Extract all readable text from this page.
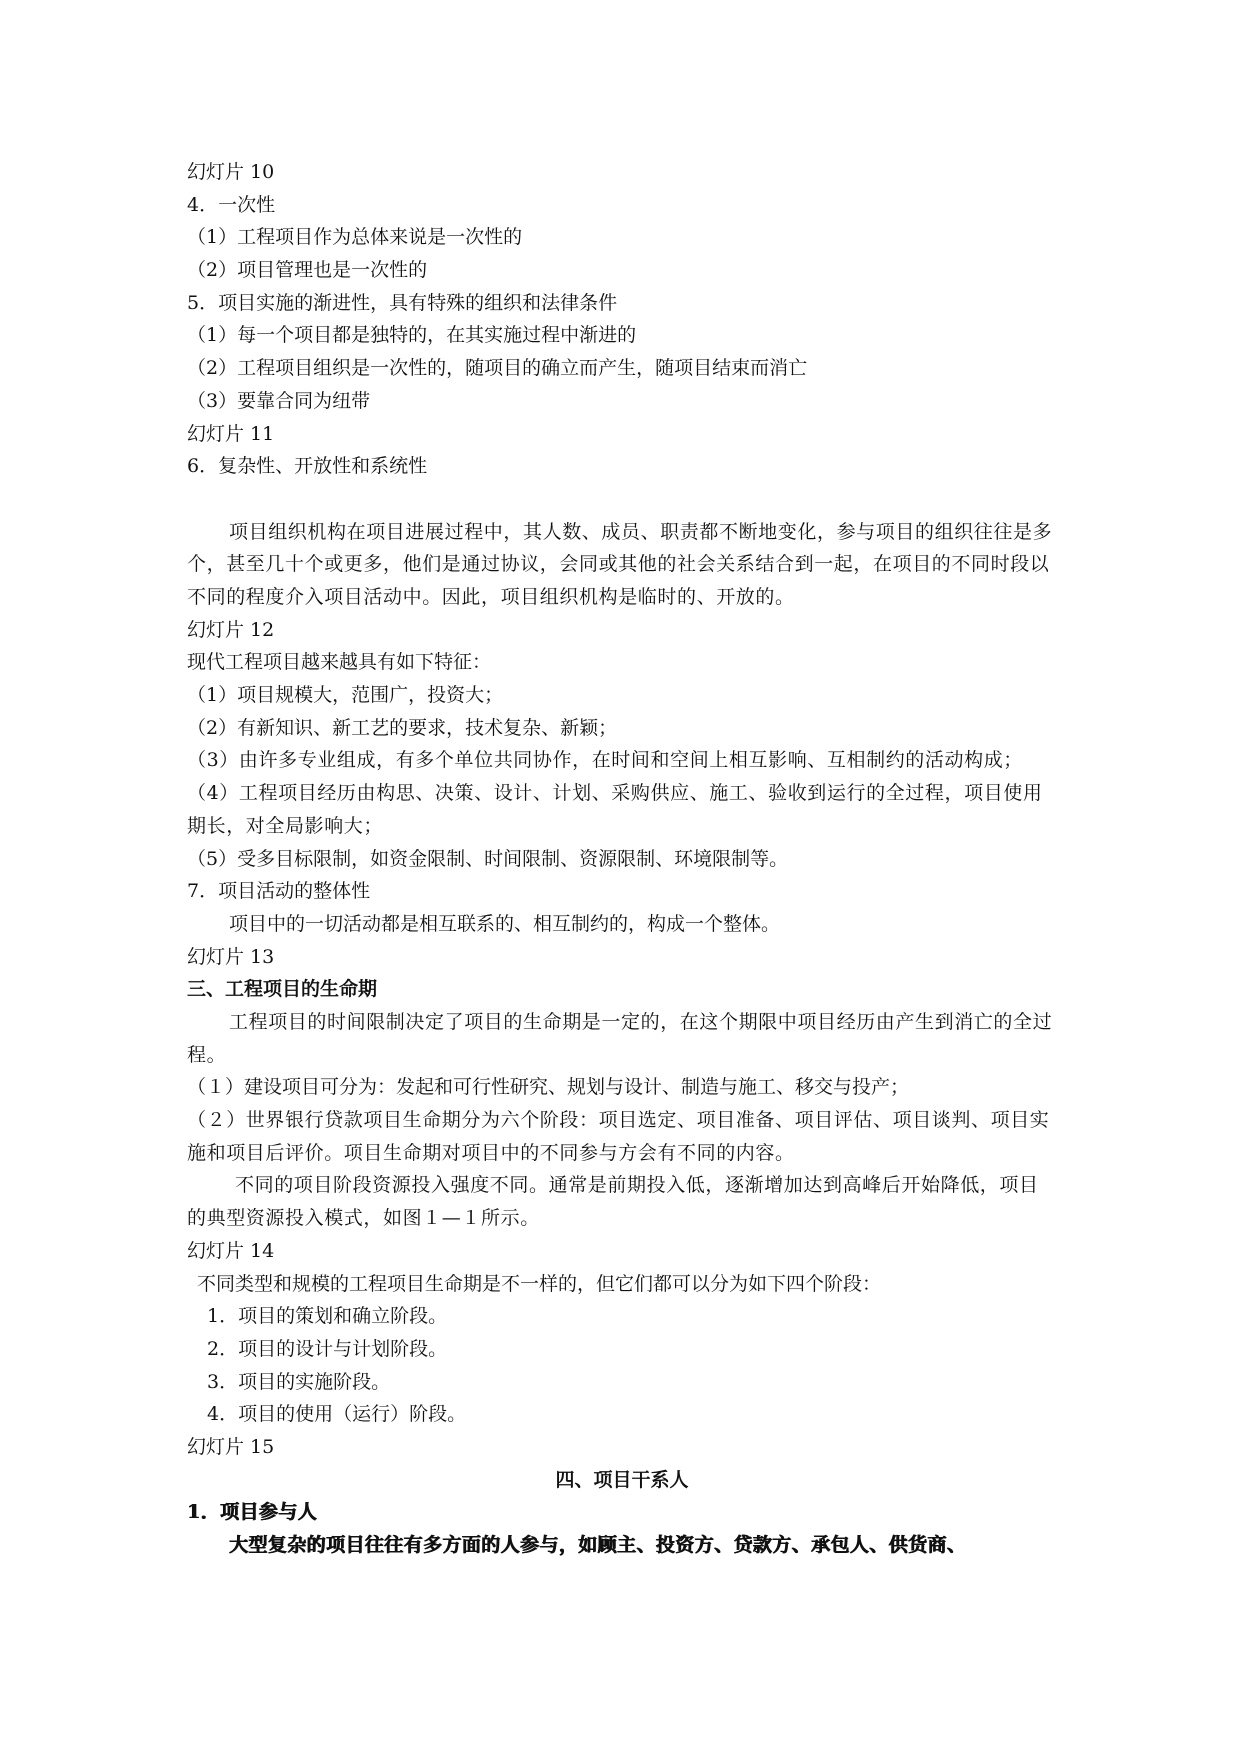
幻灯片 10
4．一次性
（1）工程项目作为总体来说是一次性的
（2）项目管理也是一次性的
5．项目实施的渐进性，具有特殊的组织和法律条件
（1）每一个项目都是独特的，在其实施过程中渐进的
（2）工程项目组织是一次性的，随项目的确立而产生，随项目结束而消亡
（3）要靠合同为纽带
幻灯片 11
6．复杂性、开放性和系统性
项目组织机构在项目进展过程中，其人数、成员、职责都不断地变化，参与项目的组织往往是多个，甚至几十个或更多，他们是通过协议，会同或其他的社会关系结合到一起，在项目的不同时段以不同的程度介入项目活动中。因此，项目组织机构是临时的、开放的。
幻灯片 12
现代工程项目越来越具有如下特征：
（1）项目规模大，范围广，投资大；
（2）有新知识、新工艺的要求，技术复杂、新颖；
（3）由许多专业组成，有多个单位共同协作，在时间和空间上相互影响、互相制约的活动构成；
（4）工程项目经历由构思、决策、设计、计划、采购供应、施工、验收到运行的全过程，项目使用期长，对全局影响大；
（5）受多目标限制，如资金限制、时间限制、资源限制、环境限制等。
7．项目活动的整体性
项目中的一切活动都是相互联系的、相互制约的，构成一个整体。
幻灯片 13
三、工程项目的生命期
工程项目的时间限制决定了项目的生命期是一定的，在这个期限中项目经历由产生到消亡的全过程。
（１）建设项目可分为：发起和可行性研究、规划与设计、制造与施工、移交与投产；
（２）世界银行贷款项目生命期分为六个阶段：项目选定、项目准备、项目评估、项目谈判、项目实施和项目后评价。项目生命期对项目中的不同参与方会有不同的内容。
不同的项目阶段资源投入强度不同。通常是前期投入低，逐渐增加达到高峰后开始降低，项目的典型资源投入模式，如图１—１所示。
幻灯片 14
不同类型和规模的工程项目生命期是不一样的，但它们都可以分为如下四个阶段：
1．项目的策划和确立阶段。
2．项目的设计与计划阶段。
3．项目的实施阶段。
4．项目的使用（运行）阶段。
幻灯片 15
四、项目干系人
1．项目参与人
大型复杂的项目往往有多方面的人参与，如顾主、投资方、贷款方、承包人、供货商、
